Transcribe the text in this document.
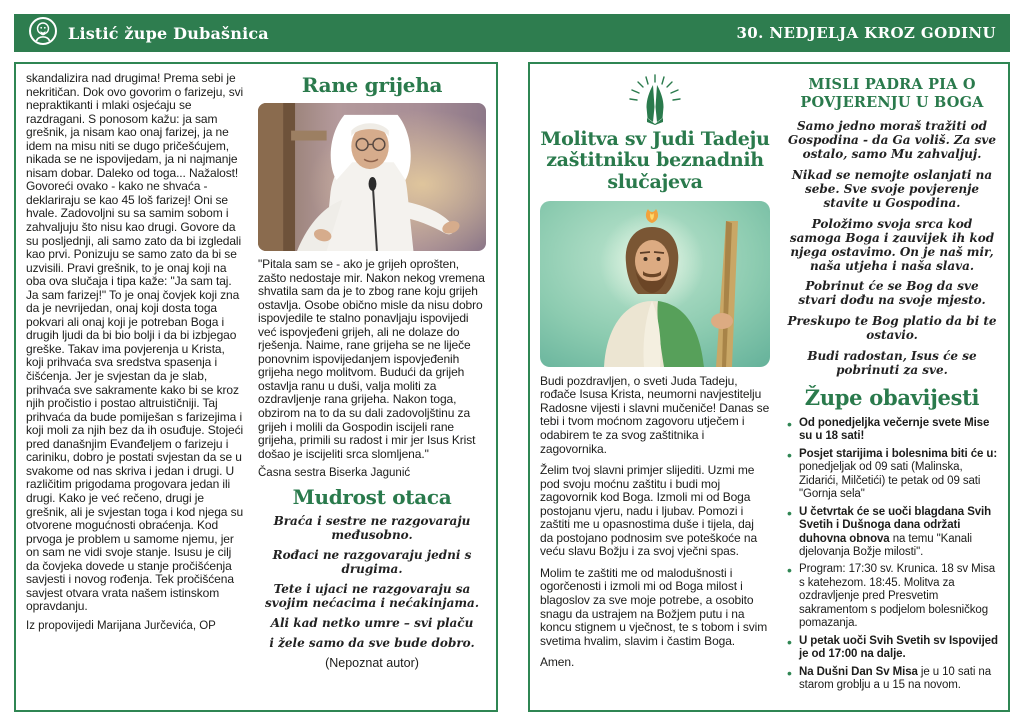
Listić župe Dubašnica	30. NEDJELJA KROZ GODINU

skandalizira nad drugima! Prema sebi je nekritičan. Dok ovo govorim o farizeju, svi nepraktikanti i mlaki osjećaju se razdragani. S ponosom kažu: ja sam grešnik, ja nisam kao onaj farizej, ja ne idem na misu niti se dugo pričešćujem, nikada se ne ispovijedam, ja ni najmanje nisam dobar. Daleko od toga... Nažalost! Govoreći ovako - kako ne shvaća - deklariraju se kao 45 loš farizej! Oni se hvale. Zadovoljni su sa samim sobom i zahvaljuju što nisu kao drugi. Govore da su posljednji, ali samo zato da bi izgledali kao prvi. Ponizuju se samo zato da bi se uzvisili. Pravi grešnik, to je onaj koji na oba ova slučaja i tipa kaže: "Ja sam taj. Ja sam farizej!" To je onaj čovjek koji zna da je nevrijedan, onaj koji dosta toga pokvari ali onaj koji je potreban Boga i drugih ljudi da bi bio bolji i da bi izbjegao greške. Takav ima povjerenja u Krista, koji prihvaća sva sredstva spasenja i čišćenja. Jer je svjestan da je slab, prihvaća sve sakramente kako bi se kroz njih pročistio i postao altruističniji. Taj prihvaća da bude pomiješan s farizejima i koji moli za njih bez da ih osuđuje. Stojeći pred današnjim Evanđeljem o farizeju i cariniku, dobro je postati svjestan da se u svakome od nas skriva i jedan i drugi. U različitim prigodama progovara jedan ili drugi. Kako je već rečeno, drugi je grešnik, ali je svjestan toga i kod njega su otvorene mogućnosti obraćenja. Kod prvoga je problem u samome njemu, jer on sam ne vidi svoje stanje. Isusu je cilj da čovjeka dovede u stanje pročišćenja savjesti i novog rođenja. Tek pročišćena savjest otvara vrata našem istinskom opravdanju.

Iz propovijedi Marijana Jurčevića, OP

Rane grijeha

"Pitala sam se - ako je grijeh oprošten, zašto nedostaje mir. Nakon nekog vremena shvatila sam da je to zbog rane koju grijeh ostavlja. Osobe obično misle da nisu dobro ispovjedile te stalno ponavljaju ispovijedi već ispovjeđeni grijeh, ali ne dolaze do rješenja. Naime, rane grijeha se ne liječe ponovnim ispovijedanjem ispovjeđenih grijeha nego molitvom. Budući da grijeh ostavlja ranu u duši, valja moliti za ozdravljenje rana grijeha. Nakon toga, obzirom na to da su dali zadovoljštinu za grijeh i molili da Gospodin iscijeli rane grijeha, primili su radost i mir jer Isus Krist došao je iscijeliti srca slomljena."

Časna sestra Biserka Jagunić

Mudrost otaca

Braća i sestre ne razgovaraju međusobno.

Rođaci ne razgovaraju jedni s drugima.

Tete i ujaci ne razgovaraju sa svojim nećacima i nećakinjama.

Ali kad netko umre – svi plaču

i žele samo da sve bude dobro.

(Nepoznat autor)

Molitva sv Judi Tadeju zaštitniku beznadnih slučajeva

Budi pozdravljen, o sveti Juda Tadeju, rođače Isusa Krista, neumorni navjestitelju Radosne vijesti i slavni mučeniče! Danas se tebi i tvom moćnom zagovoru utječem i odabirem te za svog zaštitnika i zagovornika.

Želim tvoj slavni primjer slijediti. Uzmi me pod svoju moćnu zaštitu i budi moj zagovornik kod Boga. Izmoli mi od Boga postojanu vjeru, nadu i ljubav. Pomozi i zaštiti me u opasnostima duše i tijela, daj da postojano podnosim sve poteškoće na veću slavu Božju i za svoj vječni spas.

Molim te zaštiti me od malodušnosti i ogorčenosti i izmoli mi od Boga milost i blagoslov za sve moje potrebe, a osobito snagu da ustrajem na Božjem putu i na koncu stignem u vječnost, te s tobom i svim svetima hvalim, slavim i častim Boga.

Amen.

MISLI PADRA PIA O POVJERENJU U BOGA

Samo jedno moraš tražiti od Gospodina - da Ga voliš. Za sve ostalo, samo Mu zahvaljuj.

Nikad se nemojte oslanjati na sebe. Sve svoje povjerenje stavite u Gospodina.

Položimo svoja srca kod samoga Boga i zauvijek ih kod njega ostavimo. On je naš mir, naša utjeha i naša slava.

Pobrinut će se Bog da sve stvari dođu na svoje mjesto.

Preskupo te Bog platio da bi te ostavio.

Budi radostan, Isus će se pobrinuti za sve.

Župe obavijesti
• Od ponedjeljka večernje svete Mise su u 18 sati!
• Posjet starijima i bolesnima biti će u: ponedjeljak od 09 sati (Malinska, Zidarići, Milčetići) te petak od 09 sati "Gornja sela"
• U četvrtak će se uoči blagdana Svih Svetih i Dušnoga dana održati duhovna obnova na temu "Kanali djelovanja Božje milosti".
• Program: 17:30 sv. Krunica. 18 sv Misa s katehezom. 18:45. Molitva za ozdravljenje pred Presvetim sakramentom s podjelom bolesničkog pomazanja.
• U petak uoči Svih Svetih sv Ispovijed je od 17:00 na dalje.
• Na Dušni Dan Sv Misa je u 10 sati na starom groblju a u 15 na novom.
